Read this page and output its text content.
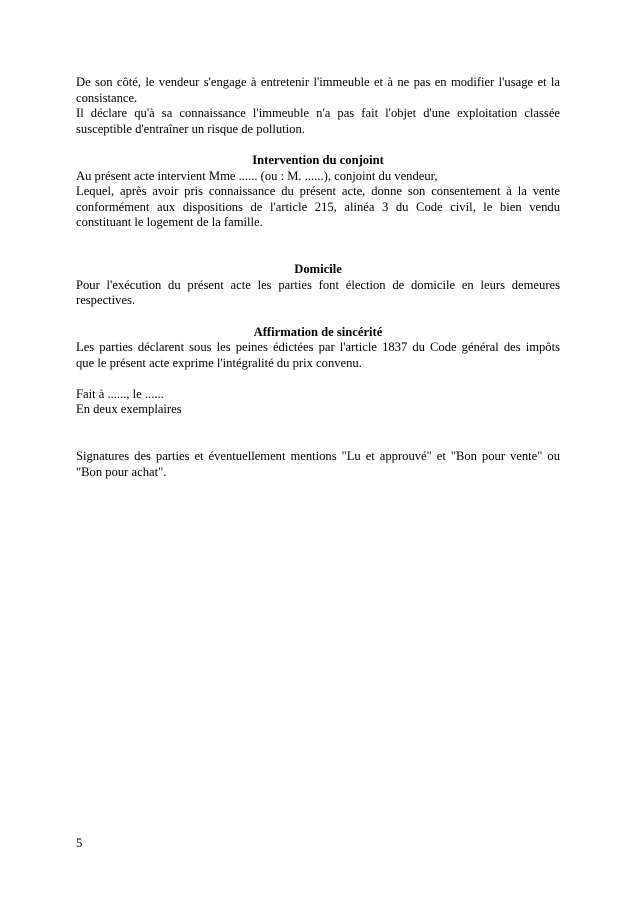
De son côté, le vendeur s'engage à entretenir l'immeuble et à ne pas en modifier l'usage et la
consistance.
Il déclare qu'à sa connaissance l'immeuble n'a pas fait l'objet d'une exploitation classée
susceptible d'entraîner un risque de pollution.

Intervention du conjoint

Au présent acte intervient Mme ...... (ou : M. ......), conjoint du vendeur,
Lequel, après avoir pris connaissance du présent acte, donne son consentement à la vente
conformément aux dispositions de l'article 215, alinéa 3 du Code civil, le bien vendu
constituant le logement de la famille.

Domicile

Pour l'exécution du présent acte les parties font élection de domicile en leurs demeures
respectives.

Affirmation de sincérité

Les parties déclarent sous les peines édictées par l'article 1837 du Code général des impôts
que le présent acte exprime l'intégralité du prix convenu.

Fait à ......, le ......
En deux exemplaires

Signatures des parties et éventuellement mentions "Lu et approuvé" et "Bon pour vente" ou
"Bon pour achat".

5
